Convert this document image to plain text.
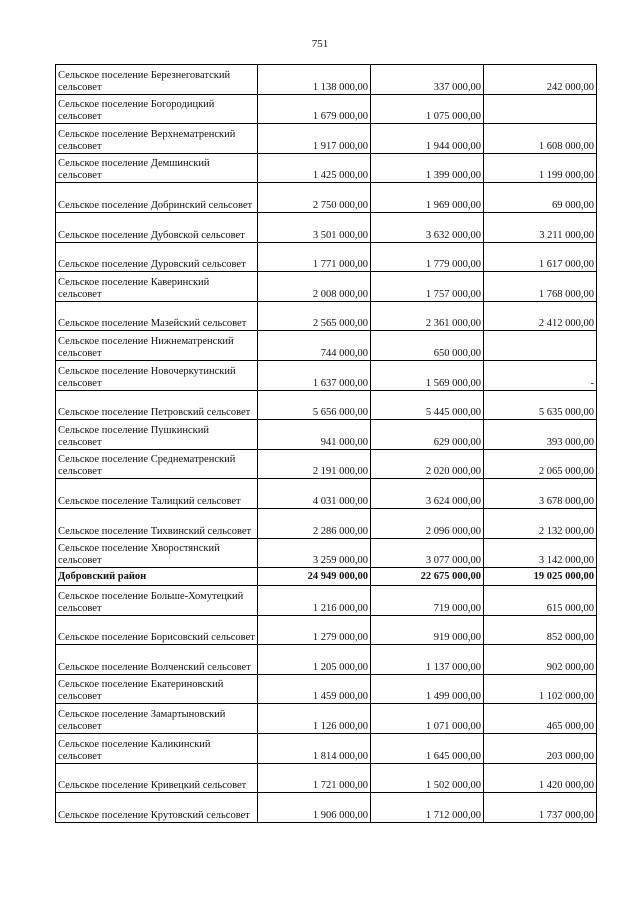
751
Сельское поселение Березнеговатский сельсовет	1 138 000,00	337 000,00	242 000,00
Сельское поселение Богородицкий сельсовет	1 679 000,00	1 075 000,00	
Сельское поселение Верхнематренский сельсовет	1 917 000,00	1 944 000,00	1 608 000,00
Сельское поселение Демшинский сельсовет	1 425 000,00	1 399 000,00	1 199 000,00
Сельское поселение Добринский сельсовет	2 750 000,00	1 969 000,00	69 000,00
Сельское поселение Дубовской сельсовет	3 501 000,00	3 632 000,00	3 211 000,00
Сельское поселение Дуровский сельсовет	1 771 000,00	1 779 000,00	1 617 000,00
Сельское поселение Каверинский сельсовет	2 008 000,00	1 757 000,00	1 768 000,00
Сельское поселение Мазейский сельсовет	2 565 000,00	2 361 000,00	2 412 000,00
Сельское поселение Нижнематренский сельсовет	744 000,00	650 000,00	
Сельское поселение Новочеркутинский сельсовет	1 637 000,00	1 569 000,00	-
Сельское поселение Петровский сельсовет	5 656 000,00	5 445 000,00	5 635 000,00
Сельское поселение Пушкинский сельсовет	941 000,00	629 000,00	393 000,00
Сельское поселение Среднематренский сельсовет	2 191 000,00	2 020 000,00	2 065 000,00
Сельское поселение Талицкий сельсовет	4 031 000,00	3 624 000,00	3 678 000,00
Сельское поселение Тихвинский сельсовет	2 286 000,00	2 096 000,00	2 132 000,00
Сельское поселение Хворостянский сельсовет	3 259 000,00	3 077 000,00	3 142 000,00
Добровский район	24 949 000,00	22 675 000,00	19 025 000,00
Сельское поселение Больше-Хомутецкий сельсовет	1 216 000,00	719 000,00	615 000,00
Сельское поселение Борисовский сельсовет	1 279 000,00	919 000,00	852 000,00
Сельское поселение Волченский сельсовет	1 205 000,00	1 137 000,00	902 000,00
Сельское поселение Екатериновский сельсовет	1 459 000,00	1 499 000,00	1 102 000,00
Сельское поселение Замартыновский сельсовет	1 126 000,00	1 071 000,00	465 000,00
Сельское поселение Каликинский сельсовет	1 814 000,00	1 645 000,00	203 000,00
Сельское поселение Кривецкий сельсовет	1 721 000,00	1 502 000,00	1 420 000,00
Сельское поселение Крутовский сельсовет	1 906 000,00	1 712 000,00	1 737 000,00
